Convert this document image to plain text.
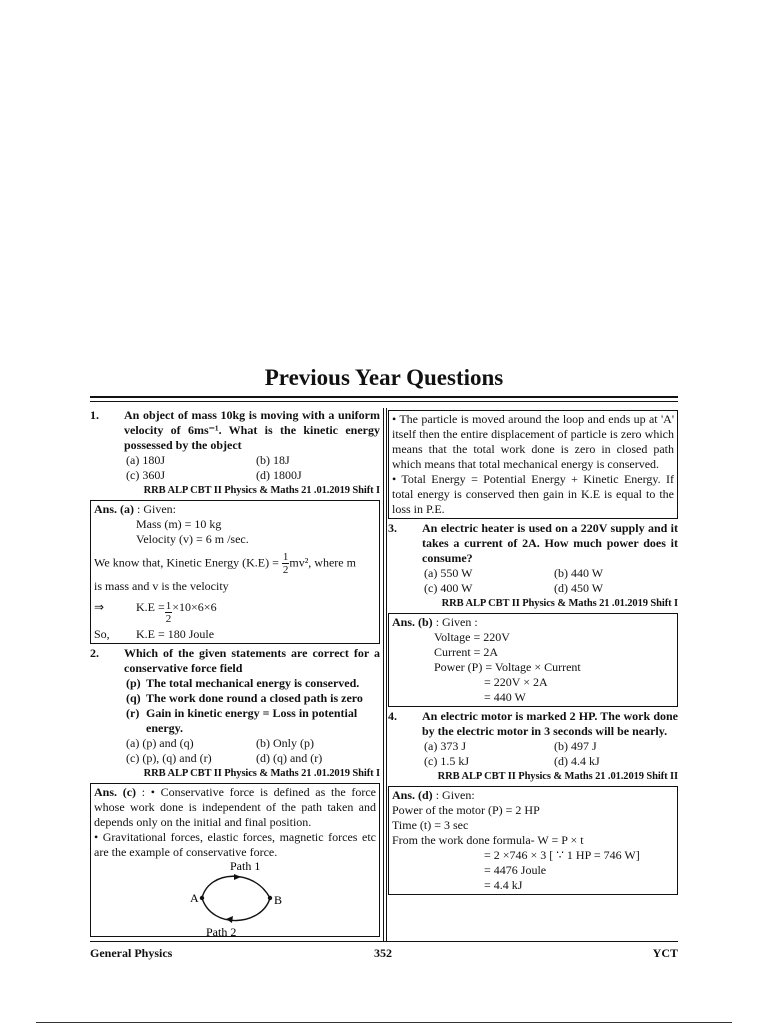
Previous Year Questions
1.	An object of mass 10kg is moving with a uniform velocity of 6ms⁻¹. What is the kinetic energy possessed by the object
(a) 180J	(b) 18J
(c) 360J	(d) 1800J
RRB ALP CBT II Physics & Maths 21 .01.2019 Shift I
Ans. (a) : Given:
Mass (m) = 10 kg
Velocity (v) = 6 m /sec.
We know that, Kinetic Energy $(K.E) = \frac{1}{2} mv^2$, where m
is mass and v is the velocity
⇒	$K.E = \frac{1}{2} \times 10\times 6\times 6$
So,	K.E = 180 Joule
2.	Which of the given statements are correct for a conservative force field
(p) The total mechanical energy is conserved.
(q) The work done round a closed path is zero
(r) Gain in kinetic energy = Loss in potential energy.
(a) (p) and (q)	(b) Only (p)
(c) (p), (q) and (r)	(d) (q) and (r)
RRB ALP CBT II Physics & Maths 21 .01.2019 Shift I
Ans. (c) : • Conservative force is defined as the force whose work done is independent of the path taken and depends only on the initial and final position.
• Gravitational forces, elastic forces, magnetic forces etc are the example of conservative force.
Path 1
Path 2
A	B
• The particle is moved around the loop and ends up at 'A' itself then the entire displacement of particle is zero which means that the total work done is zero in closed path which means that total mechanical energy is conserved.
• Total Energy = Potential Energy + Kinetic Energy. If total energy is conserved then gain in K.E is equal to the loss in P.E.
3.	An electric heater is used on a 220V supply and it takes a current of 2A. How much power does it consume?
(a) 550 W	(b) 440 W
(c) 400 W	(d) 450 W
RRB ALP CBT II Physics & Maths 21 .01.2019 Shift I
Ans. (b) : Given :
Voltage = 220V
Current = 2A
Power (P) = Voltage × Current
= 220V × 2A
= 440 W
4.	An electric motor is marked 2 HP. The work done by the electric motor in 3 seconds will be nearly.
(a) 373 J	(b) 497 J
(c) 1.5 kJ	(d) 4.4 kJ
RRB ALP CBT II Physics & Maths 21 .01.2019 Shift II
Ans. (d) : Given:
Power of the motor (P) = 2 HP
Time (t) = 3 sec
From the work done formula- W = P × t
= 2 ×746 × 3 [ ∵ 1 HP = 746 W]
= 4476 Joule
= 4.4 kJ
General Physics	352	YCT
